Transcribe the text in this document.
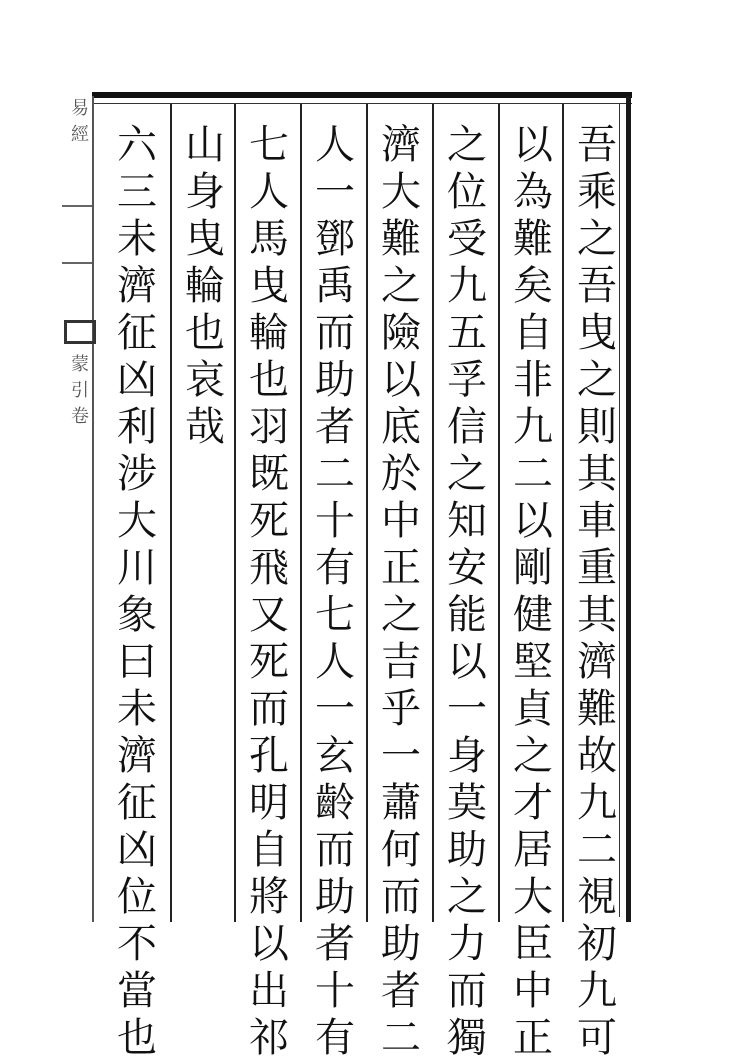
吾
乘
之
吾
曳
之
則
其
車
重
其
濟
難
故
九
二
視
初
九
可
以
為
難
矣
自
非
九
二
以
剛
健
堅
貞
之
才
居
大
臣
中
正
之
位
受
九
五
孚
信
之
知
安
能
以
一
身
莫
助
之
力
而
獨
濟
大
難
之
險
以
底
於
中
正
之
吉
乎
一
蕭
何
而
助
者
二
人
一
鄧
禹
而
助
者
二
十
有
七
人
一
玄
齡
而
助
者
十
有
七
人
馬
曳
輪
也
羽
既
死
飛
又
死
而
孔
明
自
將
以
出
祁
山
身
曳
輪
也
哀
哉
六
三
未
濟
征
凶
利
涉
大
川
象
曰
未
濟
征
凶
位
不
當
也
易
經
蒙
引
卷
